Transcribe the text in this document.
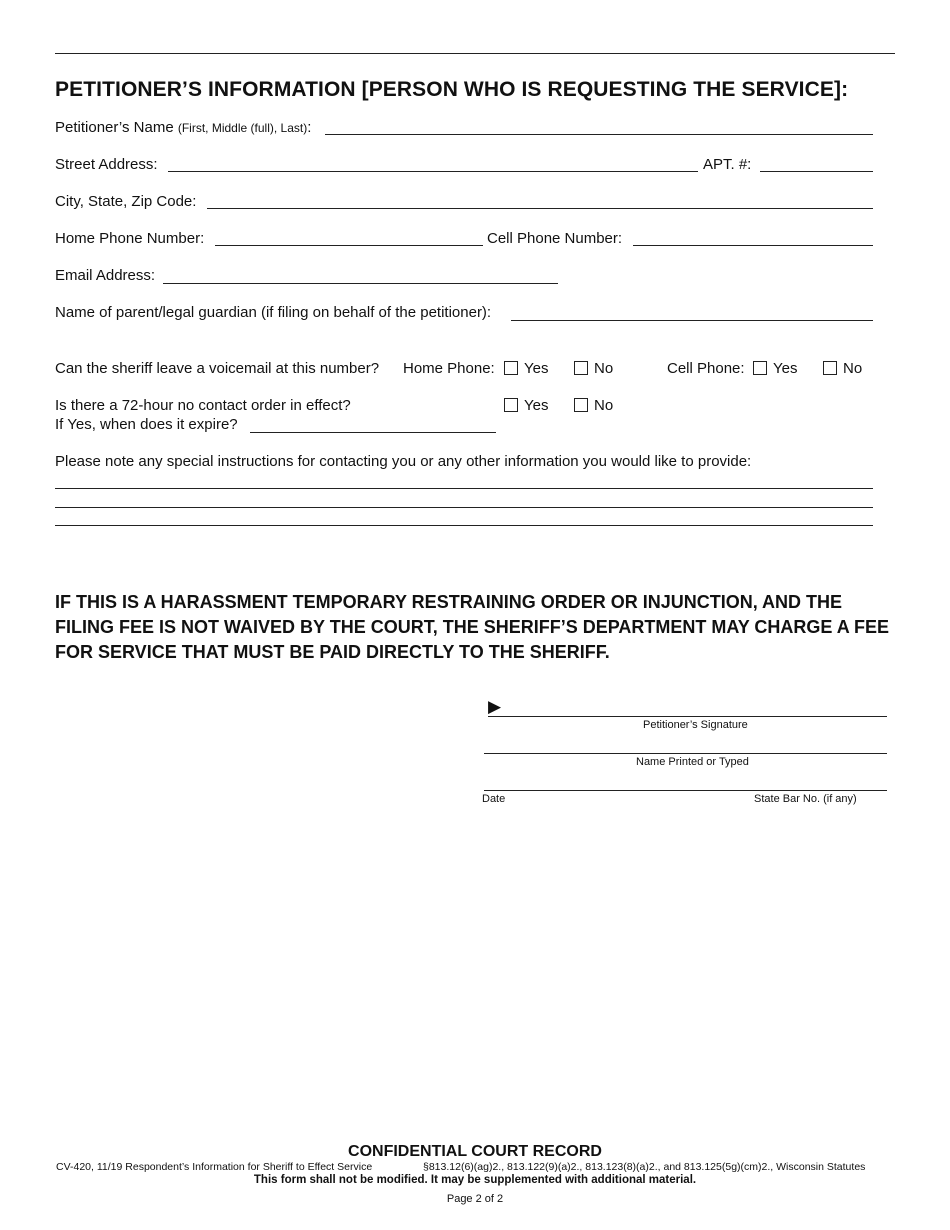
PETITIONER’S INFORMATION [PERSON WHO IS REQUESTING THE SERVICE]:
Petitioner’s Name (First, Middle (full), Last):
Street Address:	APT. #:
City, State, Zip Code:
Home Phone Number:	Cell Phone Number:
Email Address:
Name of parent/legal guardian (if filing on behalf of the petitioner):
Can the sheriff leave a voicemail at this number? Home Phone:	Yes	No	Cell Phone:	Yes	No
Is there a 72-hour no contact order in effect?	Yes	No
If Yes, when does it expire?
Please note any special instructions for contacting you or any other information you would like to provide:

IF THIS IS A HARASSMENT TEMPORARY RESTRAINING ORDER OR INJUNCTION, AND THE FILING FEE IS NOT WAIVED BY THE COURT, THE SHERIFF’S DEPARTMENT MAY CHARGE A FEE FOR SERVICE THAT MUST BE PAID DIRECTLY TO THE SHERIFF.

▶
Petitioner’s Signature
Name Printed or Typed
Date	State Bar No. (if any)
CONFIDENTIAL COURT RECORD
CV-420, 11/19 Respondent’s Information for Sheriff to Effect Service	§813.12(6)(ag)2., 813.122(9)(a)2., 813.123(8)(a)2., and 813.125(5g)(cm)2., Wisconsin Statutes
This form shall not be modified. It may be supplemented with additional material.
Page 2 of 2
